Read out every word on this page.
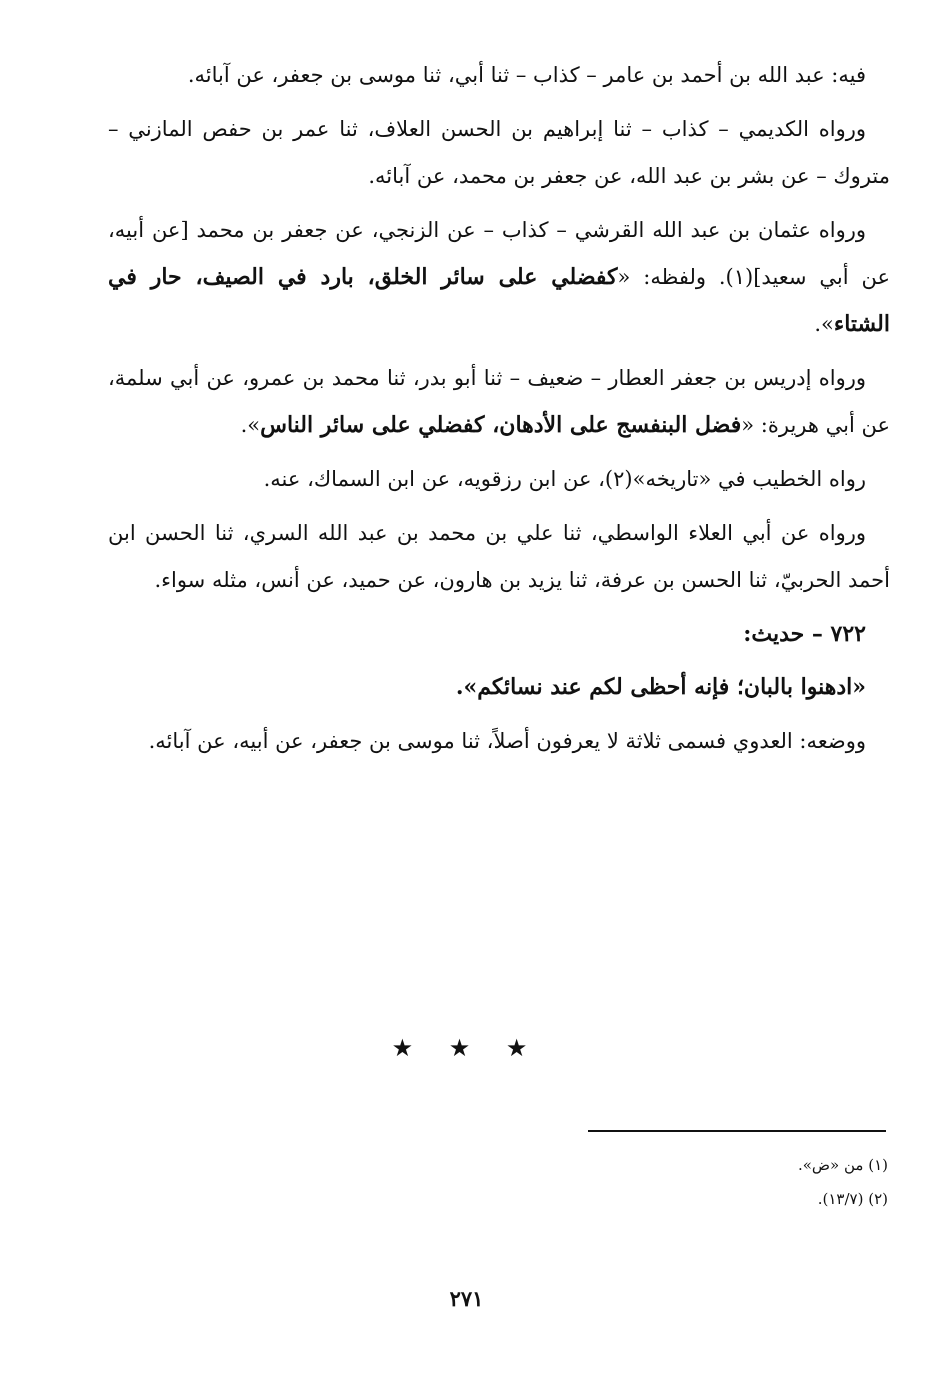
فيه: عبد الله بن أحمد بن عامر – كذاب – ثنا أبي، ثنا موسى بن جعفر، عن آبائه.

ورواه الكديمي – كذاب – ثنا إبراهيم بن الحسن العلاف، ثنا عمر بن حفص المازني – متروك – عن بشر بن عبد الله، عن جعفر بن محمد، عن آبائه.

ورواه عثمان بن عبد الله القرشي – كذاب – عن الزنجي، عن جعفر بن محمد [عن أبيه، عن أبي سعيد](١). ولفظه: «كفضلي على سائر الخلق، بارد في الصيف، حار في الشتاء».

ورواه إدريس بن جعفر العطار – ضعيف – ثنا أبو بدر، ثنا محمد بن عمرو، عن أبي سلمة، عن أبي هريرة: «فضل البنفسج على الأدهان، كفضلي على سائر الناس».

رواه الخطيب في «تاريخه»(٢)، عن ابن رزقويه، عن ابن السماك، عنه.

ورواه عن أبي العلاء الواسطي، ثنا علي بن محمد بن عبد الله السري، ثنا الحسن ابن أحمد الحربيّ، ثنا الحسن بن عرفة، ثنا يزيد بن هارون، عن حميد، عن أنس، مثله سواء.

٧٢٢ – حديث:

«ادهنوا بالبان؛ فإنه أحظى لكم عند نسائكم».

ووضعه: العدوي فسمى ثلاثة لا يعرفون أصلاً، ثنا موسى بن جعفر، عن أبيه، عن آبائه.

★ ★ ★
(١) من «ض».
(٢) (١٣/٧).
٢٧١
